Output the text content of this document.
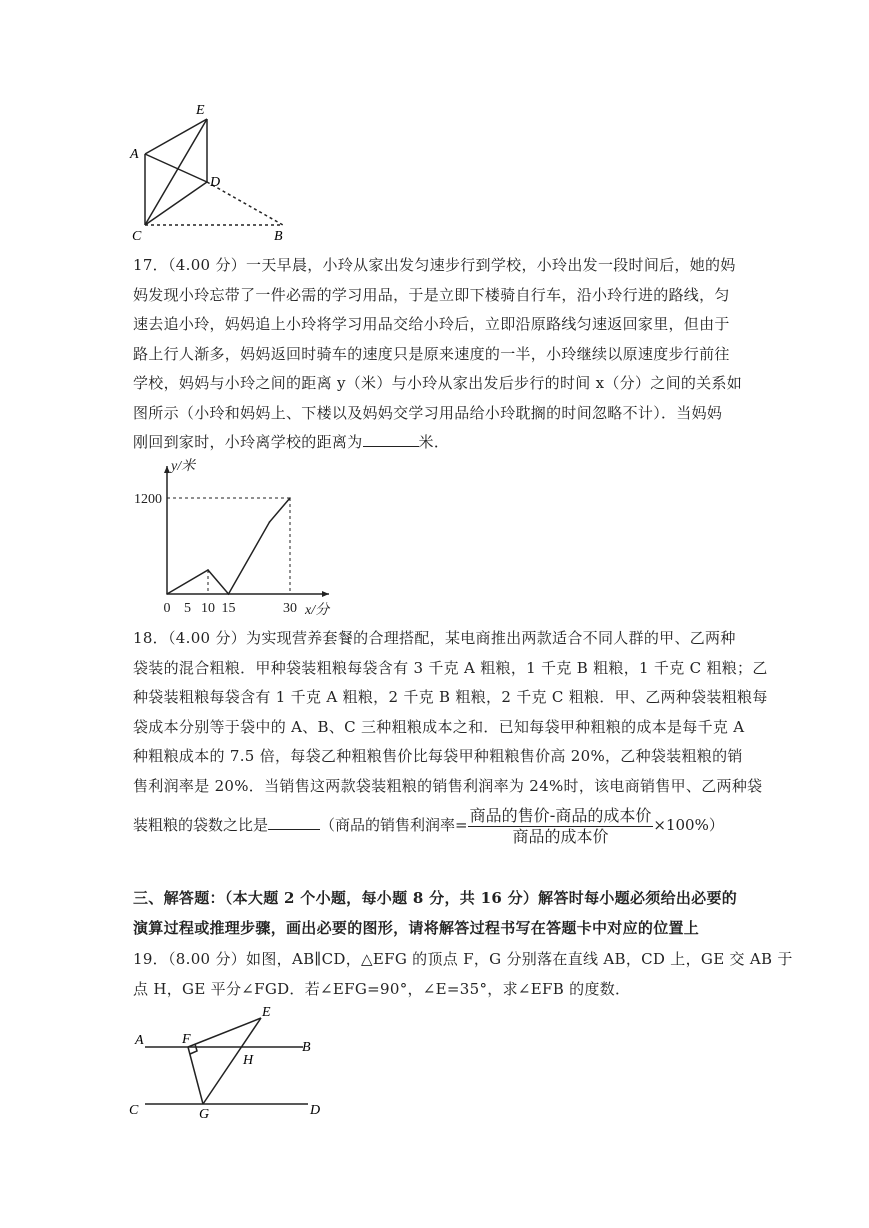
E
A
D
C	B
17．（4.00 分）一天早晨，小玲从家出发匀速步行到学校，小玲出发一段时间后，她的妈
妈发现小玲忘带了一件必需的学习用品，于是立即下楼骑自行车，沿小玲行进的路线，匀
速去追小玲，妈妈追上小玲将学习用品交给小玲后，立即沿原路线匀速返回家里，但由于
路上行人渐多，妈妈返回时骑车的速度只是原来速度的一半，小玲继续以原速度步行前往
学校，妈妈与小玲之间的距离 y（米）与小玲从家出发后步行的时间 x（分）之间的关系如
图所示（小玲和妈妈上、下楼以及妈妈交学习用品给小玲耽搁的时间忽略不计）．当妈妈
刚回到家时，小玲离学校的距离为	米．
y/米
x/分
0 5 10 15	30
1200
18．（4.00 分）为实现营养套餐的合理搭配，某电商推出两款适合不同人群的甲、乙两种
袋装的混合粗粮．甲种袋装粗粮每袋含有 3 千克 A 粗粮，1 千克 B 粗粮，1 千克 C 粗粮；乙
种袋装粗粮每袋含有 1 千克 A 粗粮，2 千克 B 粗粮，2 千克 C 粗粮．甲、乙两种袋装粗粮每
袋成本分别等于袋中的 A、B、C 三种粗粮成本之和．已知每袋甲种粗粮的成本是每千克 A
种粗粮成本的 7.5 倍，每袋乙种粗粮售价比每袋甲种粗粮售价高 20%，乙种袋装粗粮的销
售利润率是 20%．当销售这两款袋装粗粮的销售利润率为 24%时，该电商销售甲、乙两种袋
装粗粮的袋数之比是	（商品的销售利润率= $\frac{\text{商品的售价-商品的成本价}}{\text{商品的成本价}} \times 100\%$）
三、解答题：（本大题 2 个小题，每小题 8 分，共 16 分）解答时每小题必须给出必要的
演算过程或推理步骤，画出必要的图形，请将解答过程书写在答题卡中对应的位置上
19．（8.00 分）如图，AB∥CD，△EFG 的顶点 F，G 分别落在直线 AB，CD 上，GE 交 AB 于
点 H，GE 平分∠FGD．若∠EFG=90°，∠E=35°，求∠EFB 的度数．
A	F
E
B
H
C	G	D
